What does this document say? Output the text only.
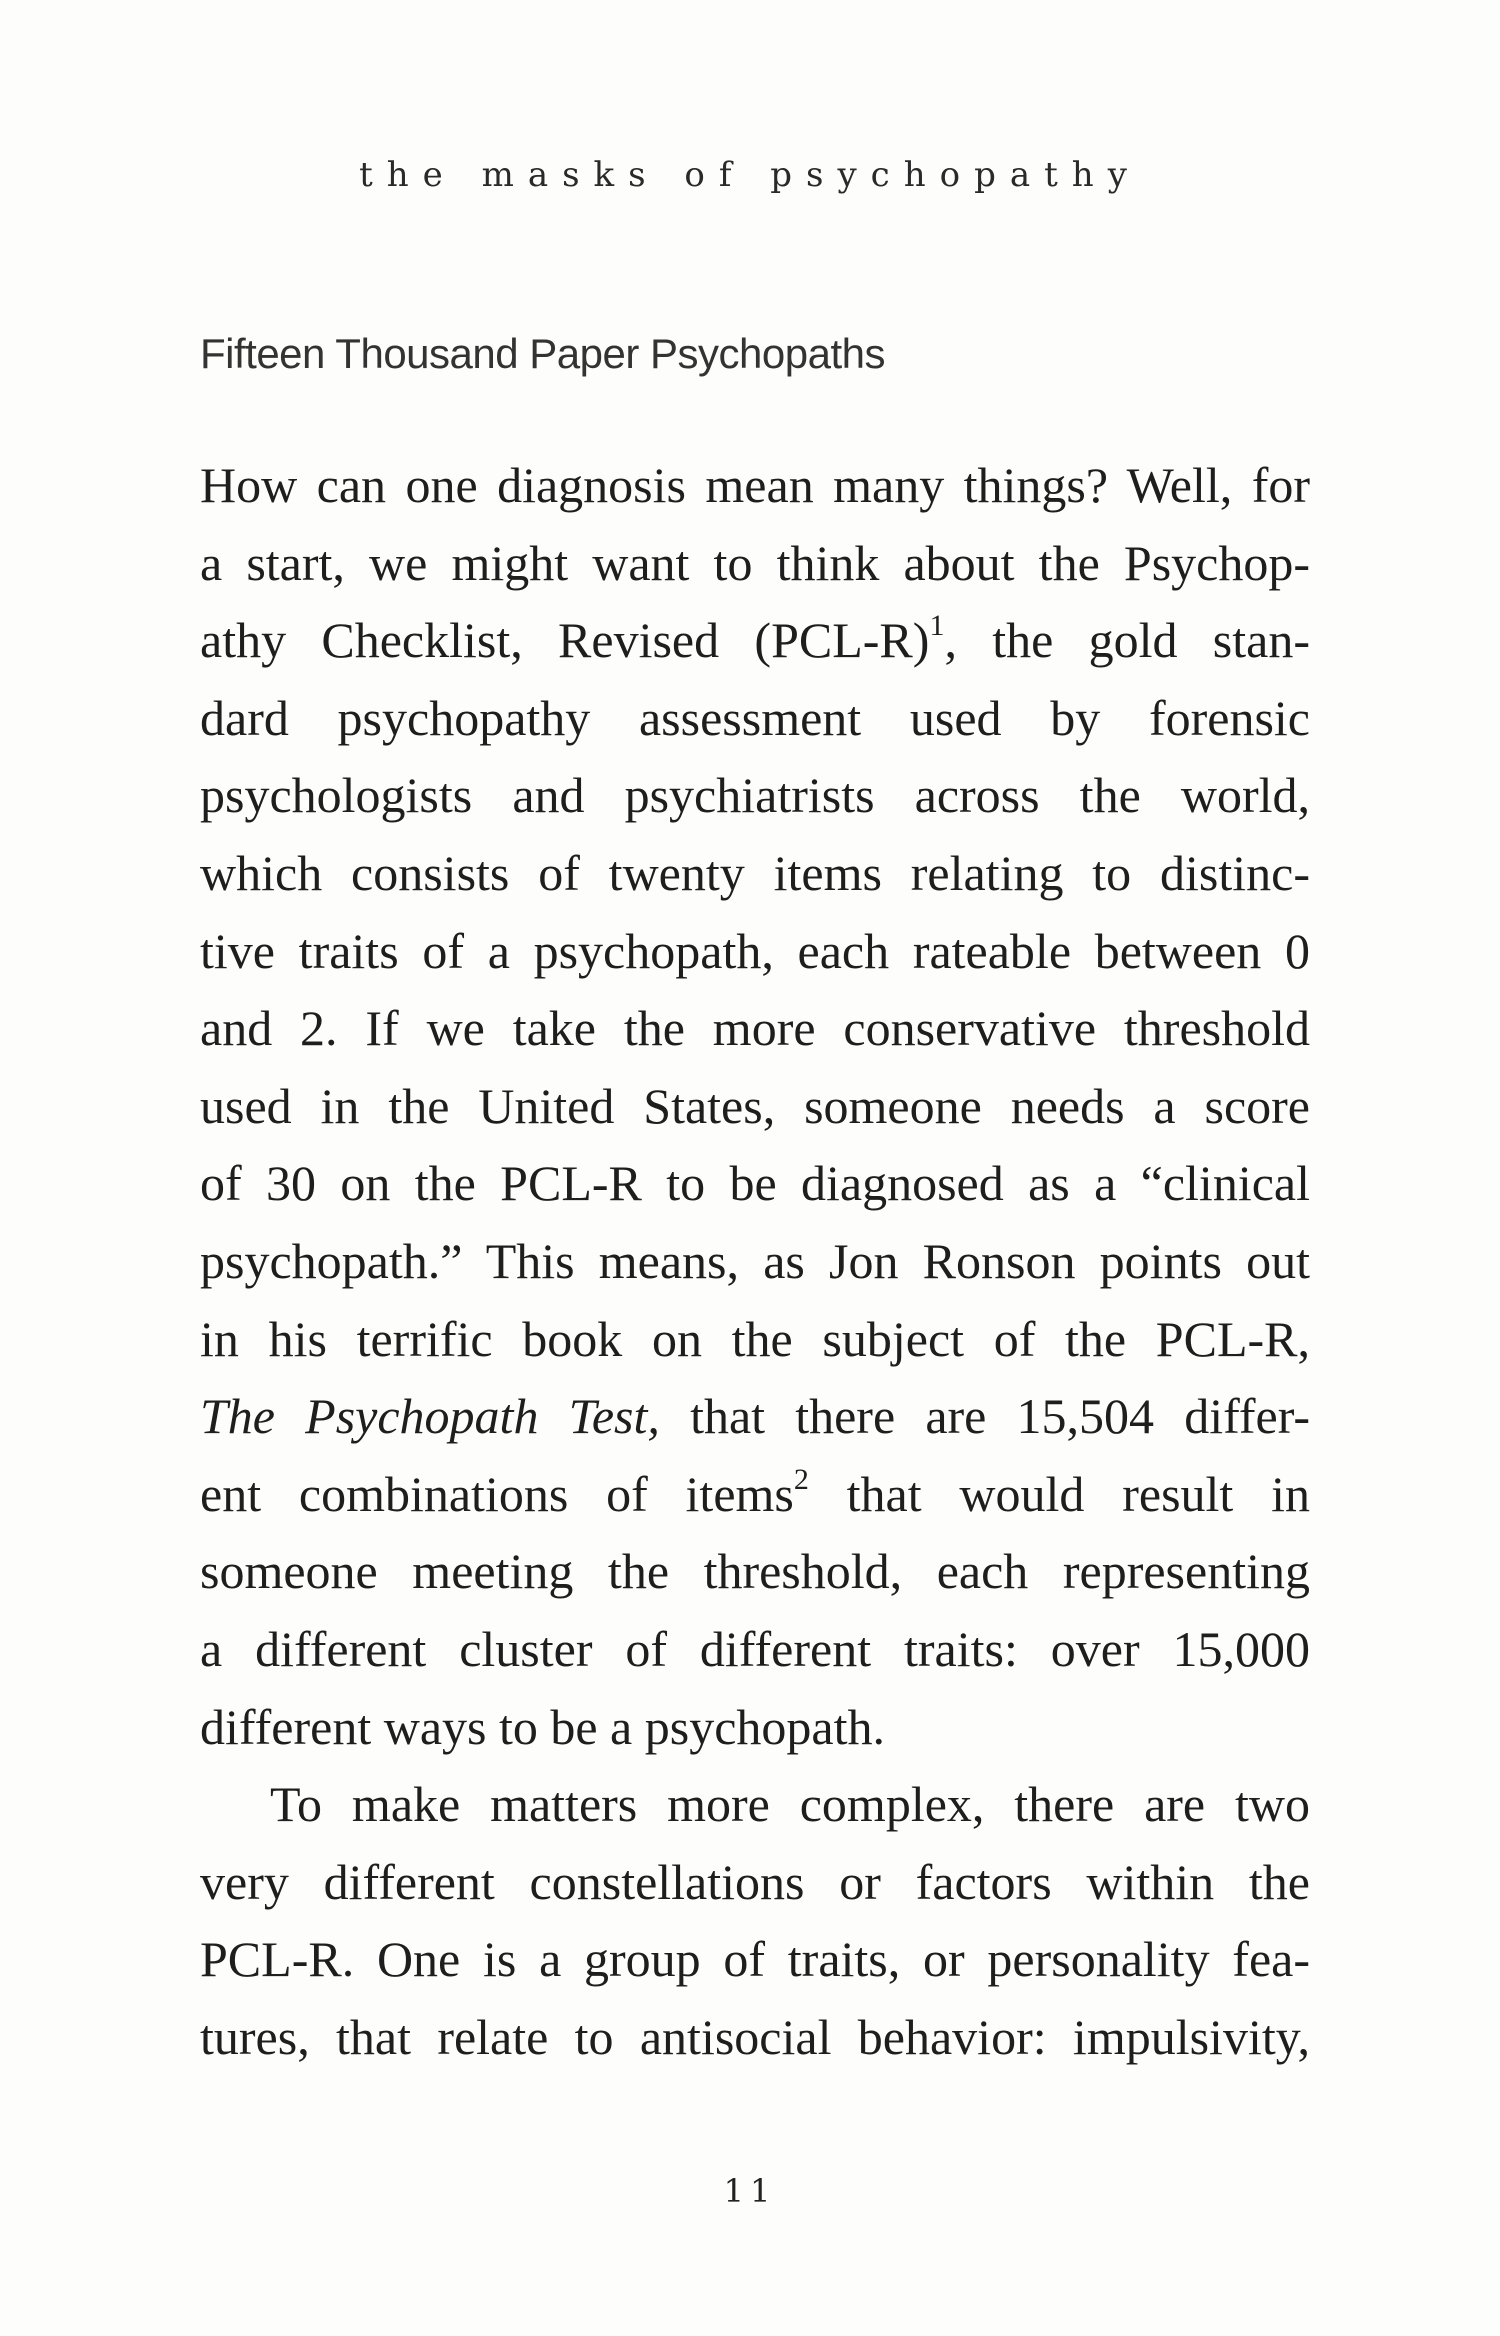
the masks of psychopathy
Fifteen Thousand Paper Psychopaths
How can one diagnosis mean many things? Well, for
a start, we might want to think about the Psychop-
athy Checklist, Revised $(PCL-R)^1$, the gold stan-
dard psychopathy assessment used by forensic
psychologists and psychiatrists across the world,
which consists of twenty items relating to distinc-
tive traits of a psychopath, each rateable between 0
and 2. If we take the more conservative threshold
used in the United States, someone needs a score
of 30 on the PCL-R to be diagnosed as a “clinical
psychopath.” This means, as Jon Ronson points out
in his terrific book on the subject of the PCL-R,
The Psychopath Test, that there are 15,504 differ-
ent combinations of items$^2$ that would result in
someone meeting the threshold, each representing
a different cluster of different traits: over 15,000
different ways to be a psychopath.
To make matters more complex, there are two
very different constellations or factors within the
PCL-R. One is a group of traits, or personality fea-
tures, that relate to antisocial behavior: impulsivity,
11
